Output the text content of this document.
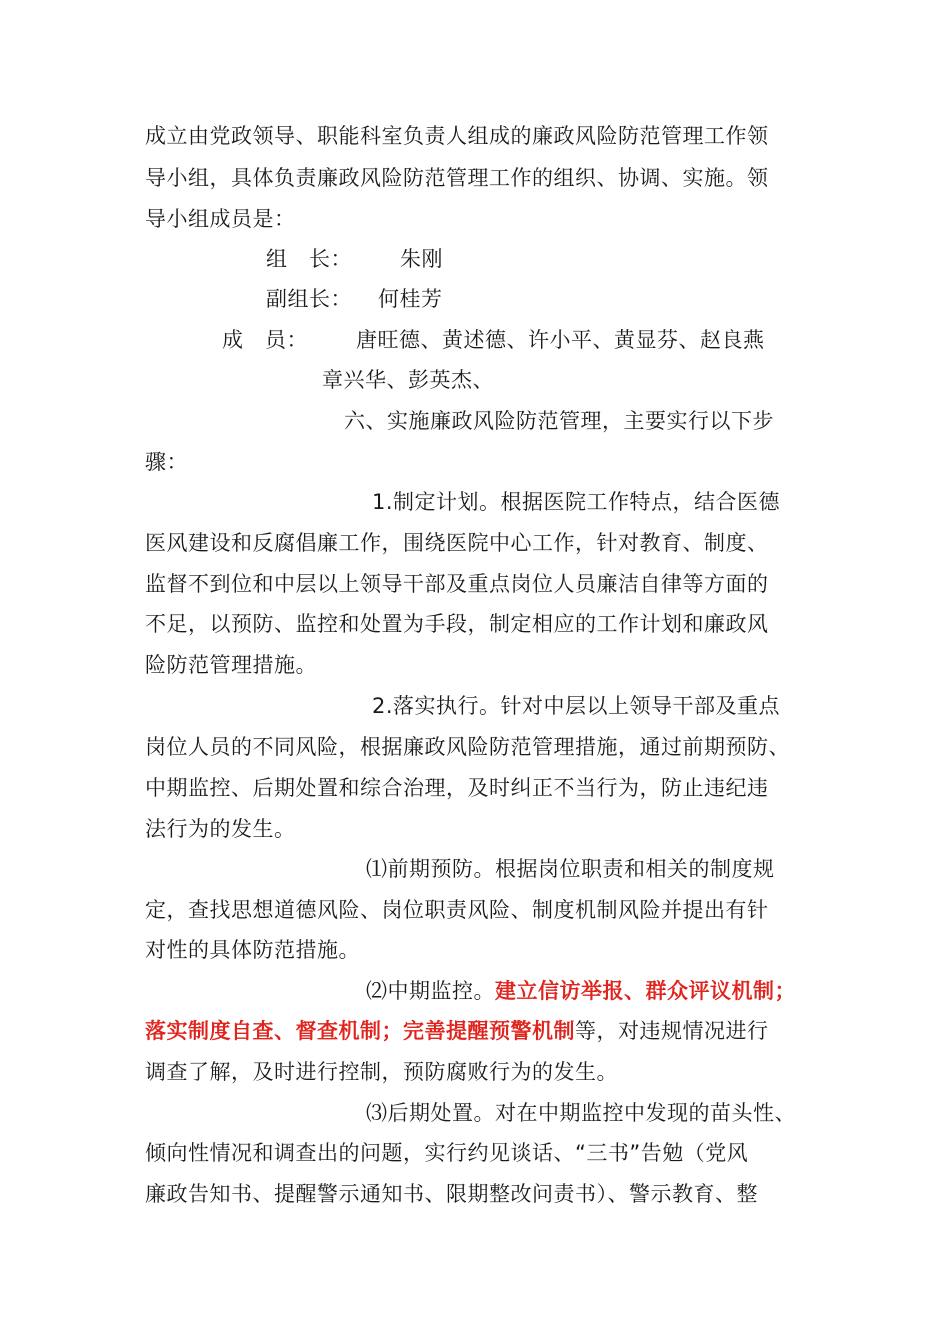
成立由党政领导、职能科室负责人组成的廉政风险防范管理工作领
导小组，具体负责廉政风险防范管理工作的组织、协调、实施。领
导小组成员是：
组　长： 朱刚
副组长： 何桂芳
成　员： 唐旺德、黄述德、许小平、黄显芬、赵良燕
章兴华、彭英杰、
六、实施廉政风险防范管理，主要实行以下步
骤：
1.制定计划。根据医院工作特点，结合医德
医风建设和反腐倡廉工作，围绕医院中心工作，针对教育、制度、
监督不到位和中层以上领导干部及重点岗位人员廉洁自律等方面的
不足，以预防、监控和处置为手段，制定相应的工作计划和廉政风
险防范管理措施。
2.落实执行。针对中层以上领导干部及重点
岗位人员的不同风险，根据廉政风险防范管理措施，通过前期预防、
中期监控、后期处置和综合治理，及时纠正不当行为，防止违纪违
法行为的发生。
⑴前期预防。根据岗位职责和相关的制度规
定，查找思想道德风险、岗位职责风险、制度机制风险并提出有针
对性的具体防范措施。
⑵中期监控。建立信访举报、群众评议机制；
落实制度自查、督查机制；完善提醒预警机制等，对违规情况进行
调查了解，及时进行控制，预防腐败行为的发生。
⑶后期处置。对在中期监控中发现的苗头性、
倾向性情况和调查出的问题，实行约见谈话、“三书”告勉（党风
廉政告知书、提醒警示通知书、限期整改问责书）、警示教育、整
